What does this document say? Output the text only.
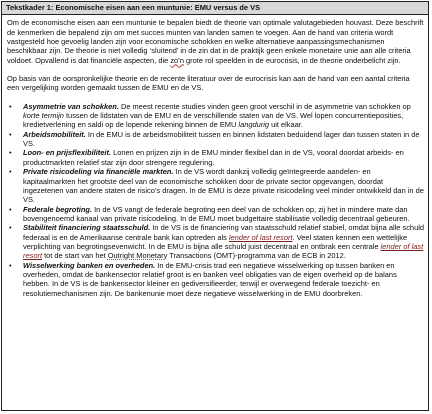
Tekstkader 1: Economische eisen aan een muntunie: EMU versus de VS

Om de economische eisen aan een muntunie te bepalen biedt de theorie van optimale valutagebieden houvast. Deze beschrift de kenmerken die bepalend zijn om met succes munten van landen samen te voegen. Aan de hand van criteria wordt vastgesteld hoe gevoelig landen zijn voor economische schokken en welke alternatieve aanpassingsmechanismen beschikbaar zijn. De theorie is niet volledig ‘sluitend’ in de zin dat in de praktijk geen enkele monetaire unie aan alle criteria voldoet. Opvallend is dat financiële aspecten, die zo’n grote rol speelden in de eurocrisis, in de theorie onderbelicht zijn.

Op basis van de oorspronkelijke theorie en de recente literatuur over de eurocrisis kan aan de hand van een aantal criteria een vergelijking worden gemaakt tussen de EMU en de VS.

• Asymmetrie van schokken. De meest recente studies vinden geen groot verschil in de asymmetrie van schokken op korte termijn tussen de lidstaten van de EMU en de verschillende staten van de VS. Wel lopen concurrentieposities, kredietverlening en saldi op de lopende rekening binnen de EMU langdurig uit elkaar.
• Arbeidsmobiliteit. In de EMU is de arbeidsmobiliteit tussen en binnen lidstaten beduidend lager dan tussen staten in de VS.
• Loon- en prijsflexibiliteit. Lonen en prijzen zijn in de EMU minder flexibel dan in de VS, vooral doordat arbeids- en productmarkten relatief star zijn door strengere regulering.
• Private risicodeling via financiële markten. In de VS wordt dankzij volledig geïntegreerde aandelen- en kapitaalmarkten het grootste deel van de economische schokken door de private sector opgevangen, doordat ingezetenen van andere staten de risico’s dragen. In de EMU is deze private risicodeling veel minder ontwikkeld dan in de VS.
• Federale begroting. In de VS vangt de federale begroting een deel van de schokken op, zij het in mindere mate dan bovengenoemd kanaal van private risicodeling. In de EMU moet budgettaire stabilisatie volledig decentraal gebeuren.
• Stabiliteit financiering staatsschuld. In de VS is de financiering van staatsschuld relatief stabiel, omdat bijna alle schuld federaal is en de Amerikaanse centrale bank kan optreden als lender of last resort. Veel staten kennen een wettelijke verplichting van begrotingsevenwicht. In de EMU is bijna alle schuld juist decentraal en ontbrak een centrale lender of last resort tot de start van het Outright Monetary Transactions (OMT)-programma van de ECB in 2012.
• Wisselwerking banken en overheden. In de EMU-crisis trad een negatieve wisselwerking op tussen banken en overheden, omdat de bankensector relatief groot is en banken veel obligaties van de eigen overheid op de balans hebben. In de VS is de bankensector kleiner en gediversifieerder, terwijl er overwegend federale toezicht- en resolutiemechanismen zijn. De bankenunie moet deze negatieve wisselwerking in de EMU doorbreken.
